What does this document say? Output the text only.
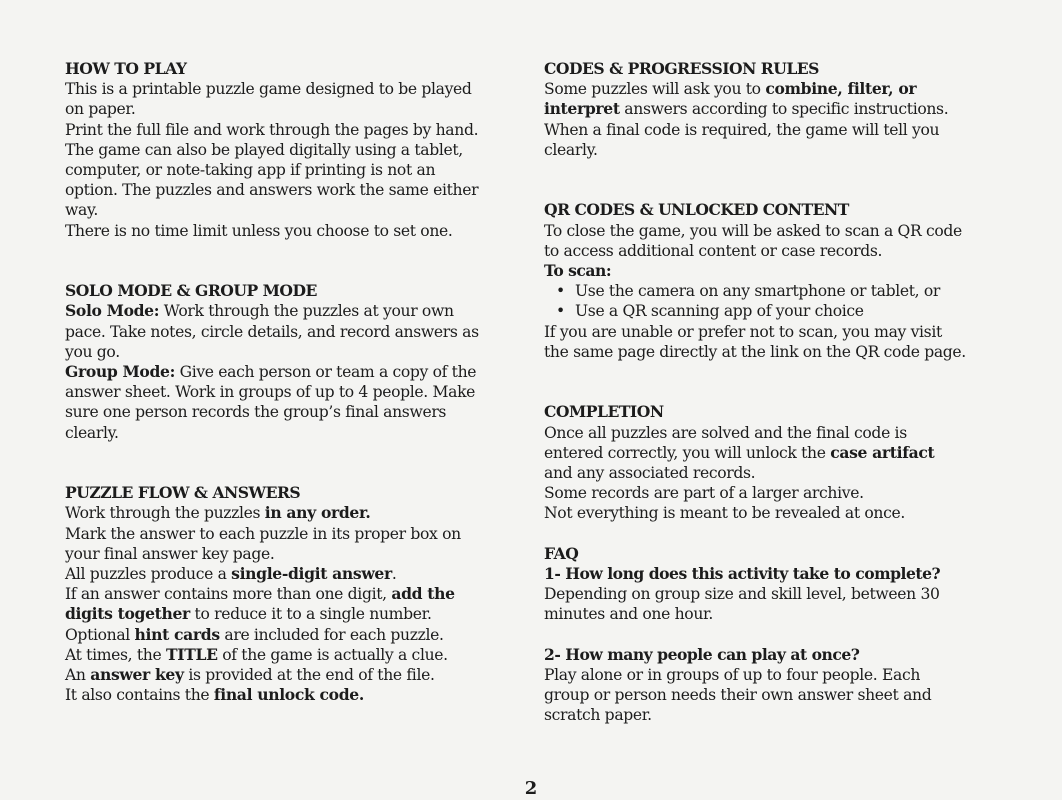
HOW TO PLAY
This is a printable puzzle game designed to be played
on paper.
Print the full file and work through the pages by hand.
The game can also be played digitally using a tablet,
computer, or note-taking app if printing is not an
option. The puzzles and answers work the same either
way.
There is no time limit unless you choose to set one.
SOLO MODE & GROUP MODE
Solo Mode: Work through the puzzles at your own
pace. Take notes, circle details, and record answers as
you go.
Group Mode: Give each person or team a copy of the
answer sheet. Work in groups of up to 4 people. Make
sure one person records the group’s final answers
clearly.
PUZZLE FLOW & ANSWERS
Work through the puzzles in any order.
Mark the answer to each puzzle in its proper box on
your final answer key page.
All puzzles produce a single-digit answer.
If an answer contains more than one digit, add the
digits together to reduce it to a single number.
Optional hint cards are included for each puzzle.
At times, the TITLE of the game is actually a clue.
An answer key is provided at the end of the file.
It also contains the final unlock code.
CODES & PROGRESSION RULES
Some puzzles will ask you to combine, filter, or
interpret answers according to specific instructions.
When a final code is required, the game will tell you
clearly.
QR CODES & UNLOCKED CONTENT
To close the game, you will be asked to scan a QR code
to access additional content or case records.
To scan:
• Use the camera on any smartphone or tablet, or
• Use a QR scanning app of your choice
If you are unable or prefer not to scan, you may visit
the same page directly at the link on the QR code page.
COMPLETION
Once all puzzles are solved and the final code is
entered correctly, you will unlock the case artifact
and any associated records.
Some records are part of a larger archive.
Not everything is meant to be revealed at once.
FAQ
1- How long does this activity take to complete?
Depending on group size and skill level, between 30
minutes and one hour.
2- How many people can play at once?
Play alone or in groups of up to four people. Each
group or person needs their own answer sheet and
scratch paper.
2
